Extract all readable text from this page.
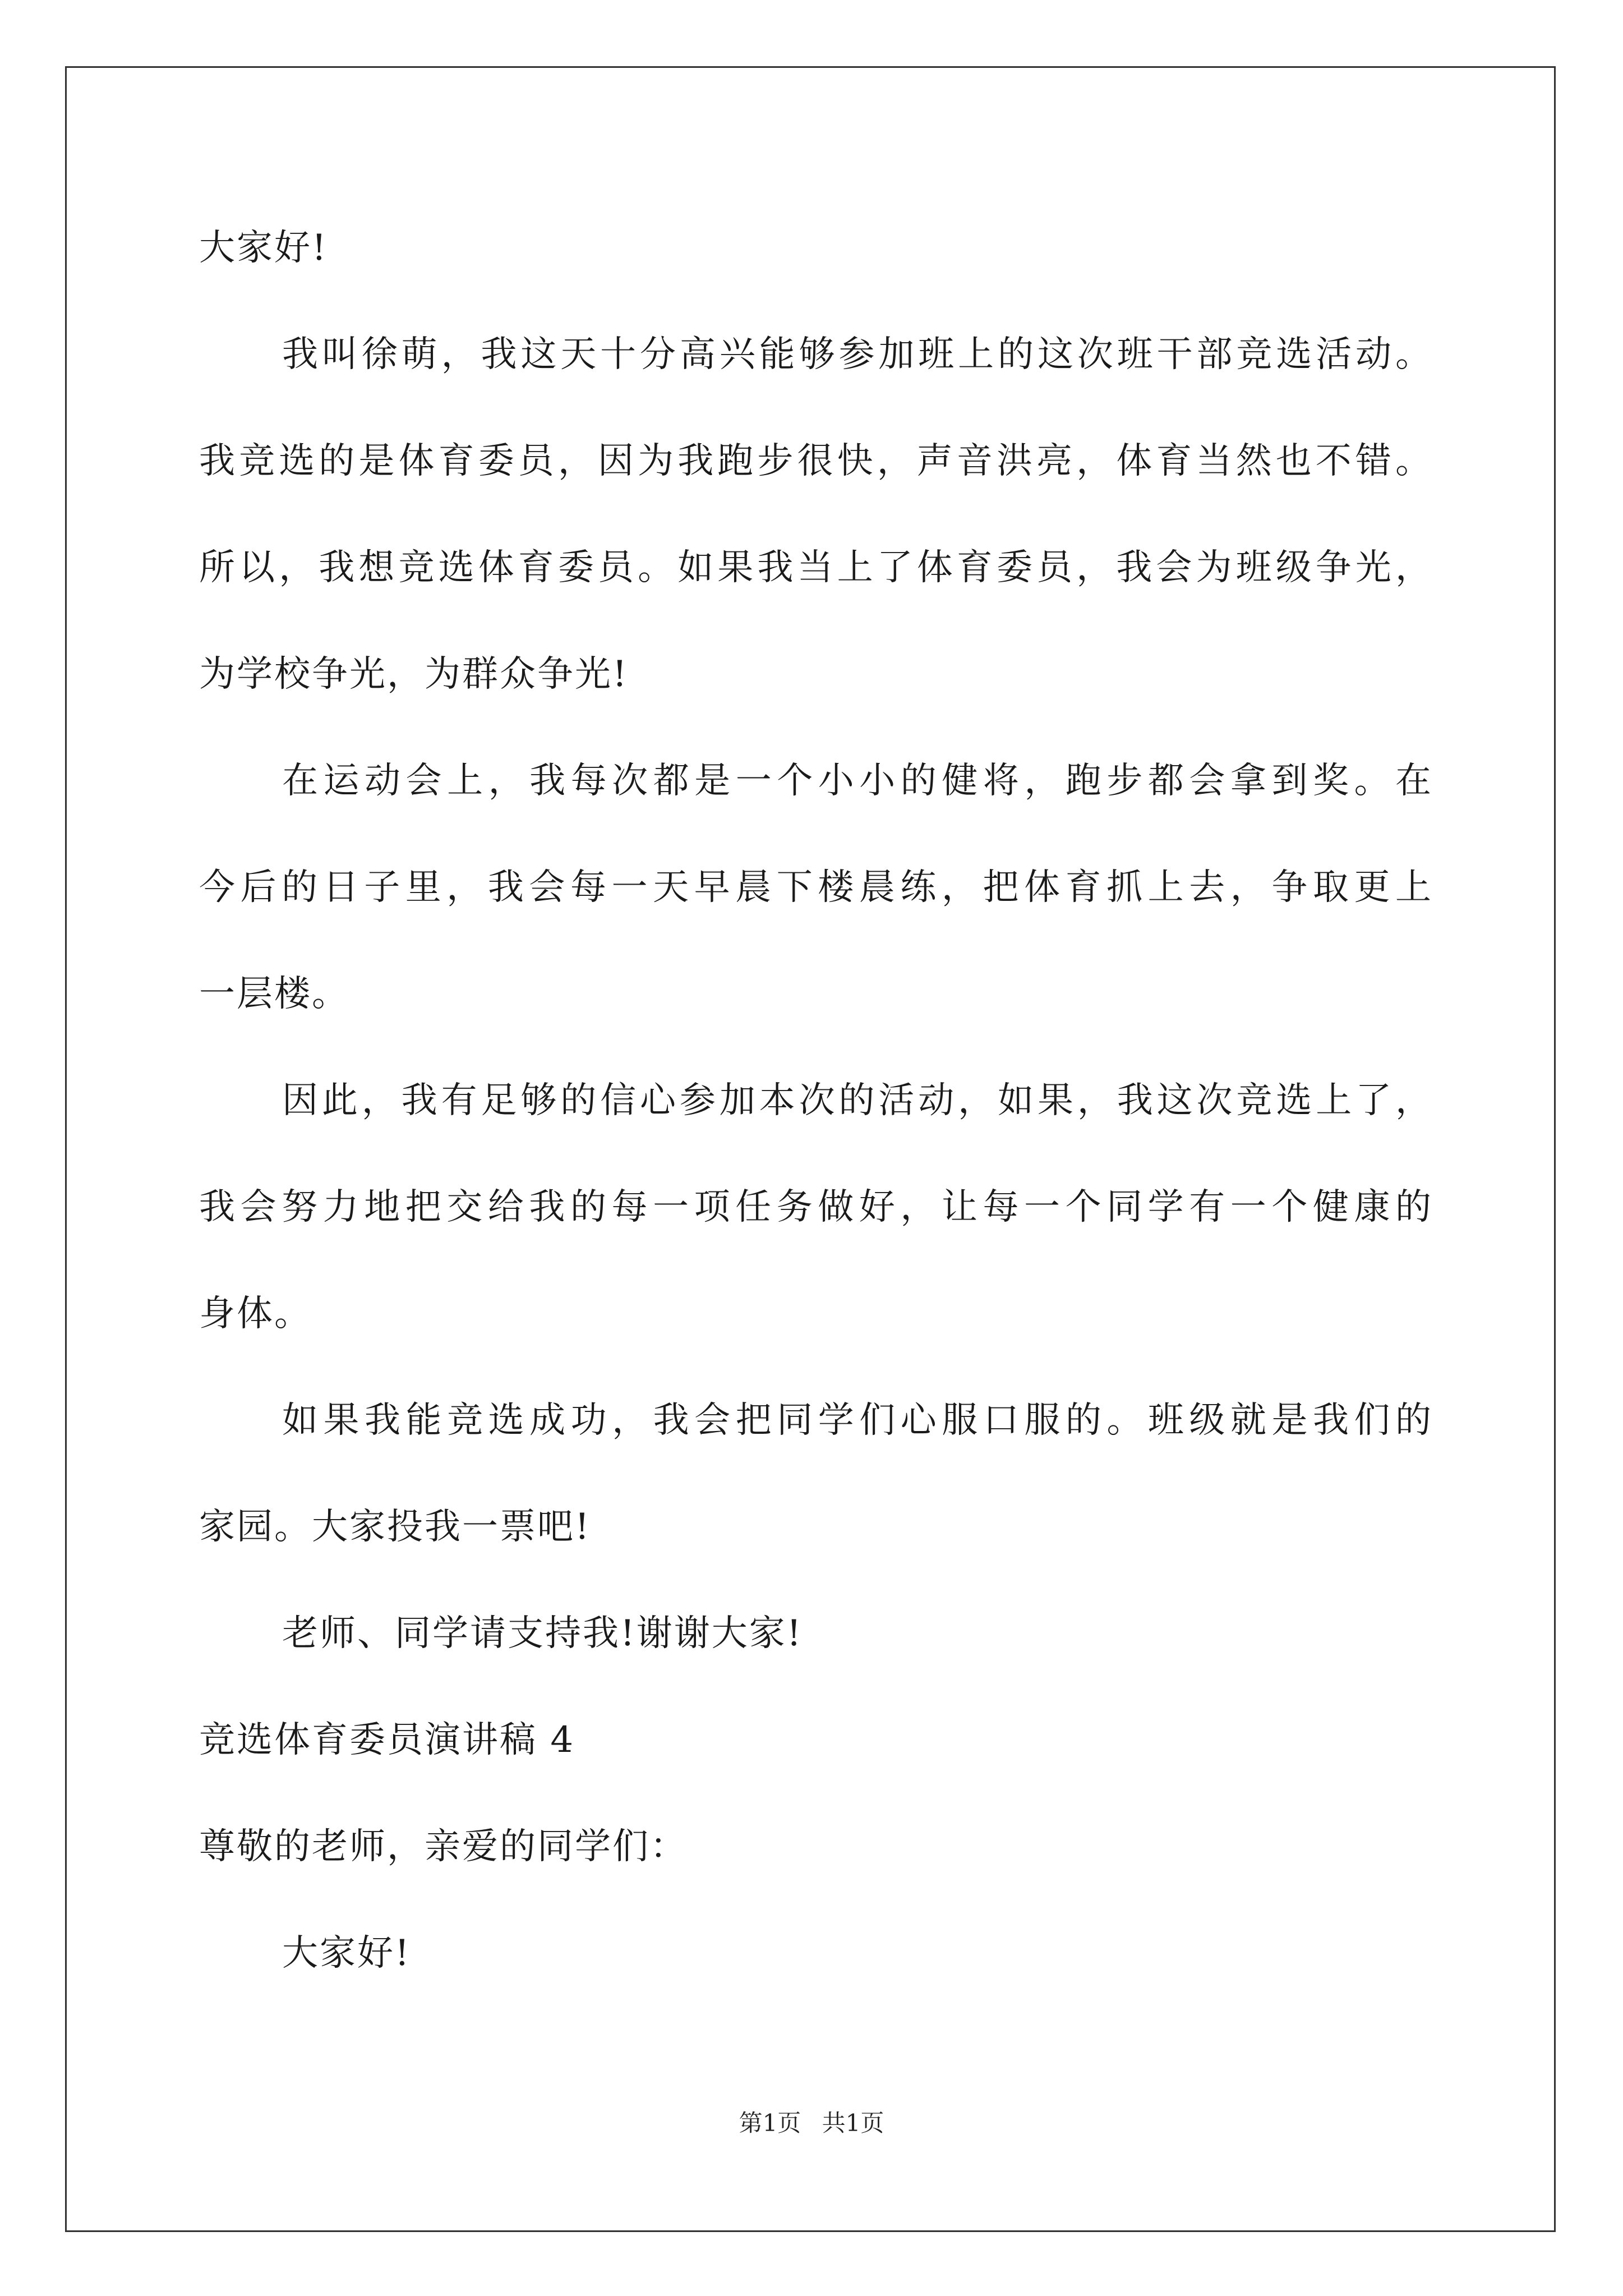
大家好!
我叫徐萌，我这天十分高兴能够参加班上的这次班干部竞选活动。
我竞选的是体育委员，因为我跑步很快，声音洪亮，体育当然也不错。
所以，我想竞选体育委员。如果我当上了体育委员，我会为班级争光，
为学校争光，为群众争光!
在运动会上，我每次都是一个小小的健将，跑步都会拿到奖。在
今后的日子里，我会每一天早晨下楼晨练，把体育抓上去，争取更上
一层楼。
因此，我有足够的信心参加本次的活动，如果，我这次竞选上了，
我会努力地把交给我的每一项任务做好，让每一个同学有一个健康的
身体。
如果我能竞选成功，我会把同学们心服口服的。班级就是我们的
家园。大家投我一票吧!
老师、同学请支持我!谢谢大家!
竞选体育委员演讲稿 4
尊敬的老师，亲爱的同学们：
大家好!
第1页 共1页
